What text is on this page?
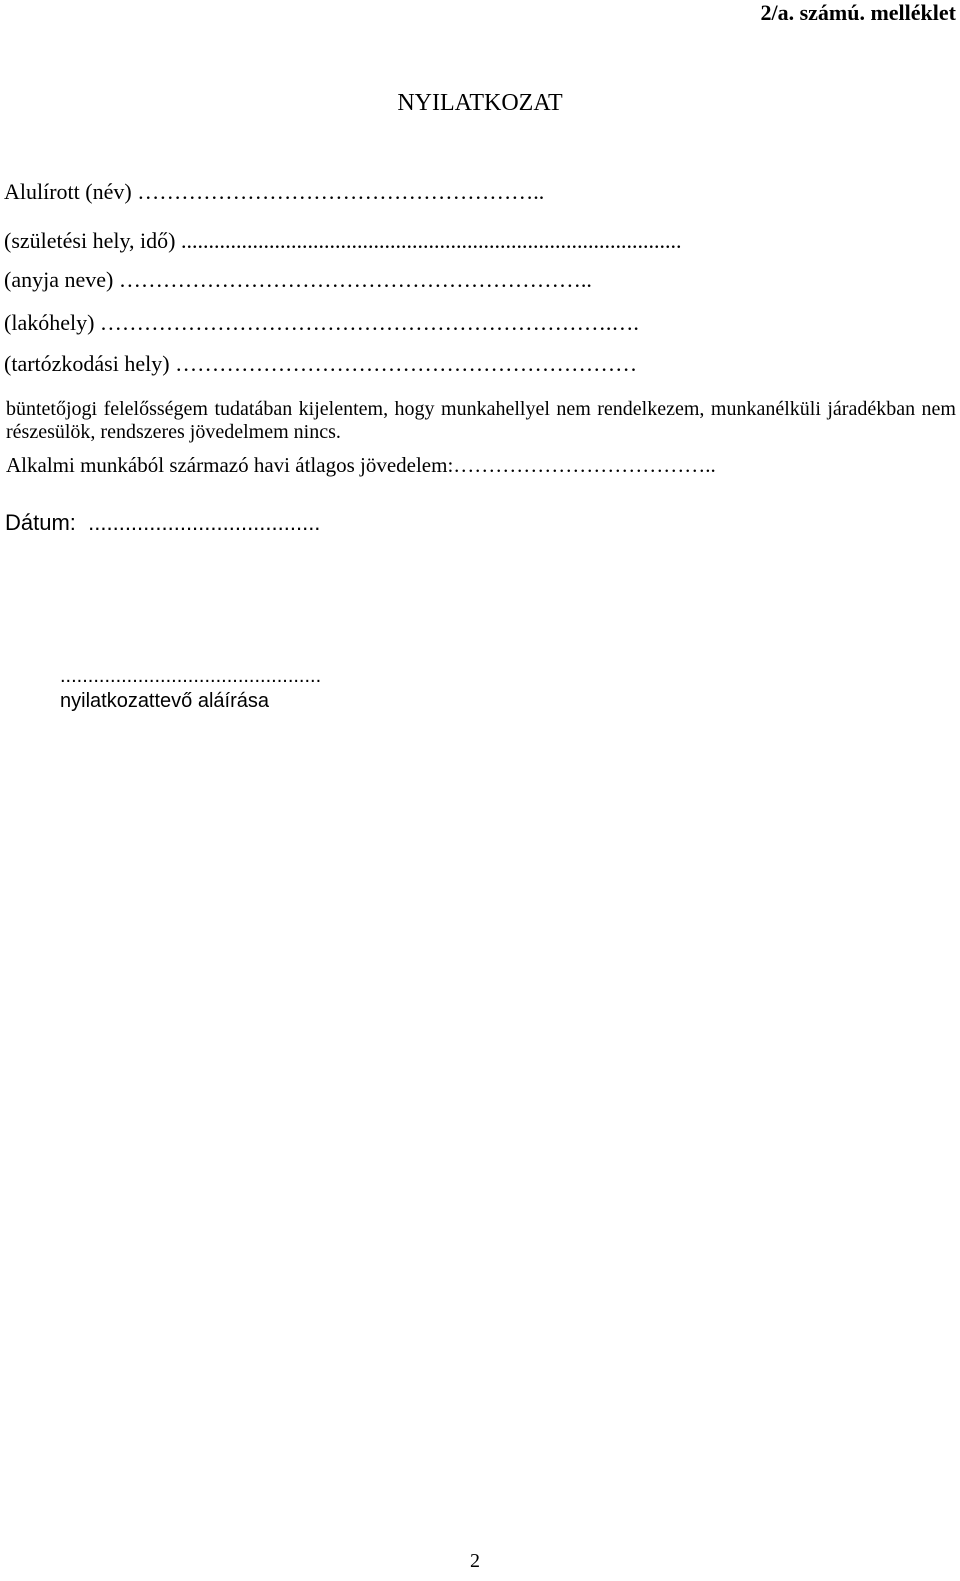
2/a. számú. melléklet
NYILATKOZAT
Alulírott (név) ………………………………………………..
(születési hely, idő) ...........................................................................................
(anyja neve) ………………………………………………………..
(lakóhely) …………………………………………………………….….
(tartózkodási hely) ………………………………………………………
büntetőjogi felelősségem tudatában kijelentem, hogy munkahellyel nem rendelkezem, munkanélküli járadékban nem részesülök, rendszeres jövedelmem nincs.
Alkalmi munkából származó havi átlagos jövedelem:………………………………..
Dátum:  ......................................
...............................................
nyilatkozattevő aláírása
2
